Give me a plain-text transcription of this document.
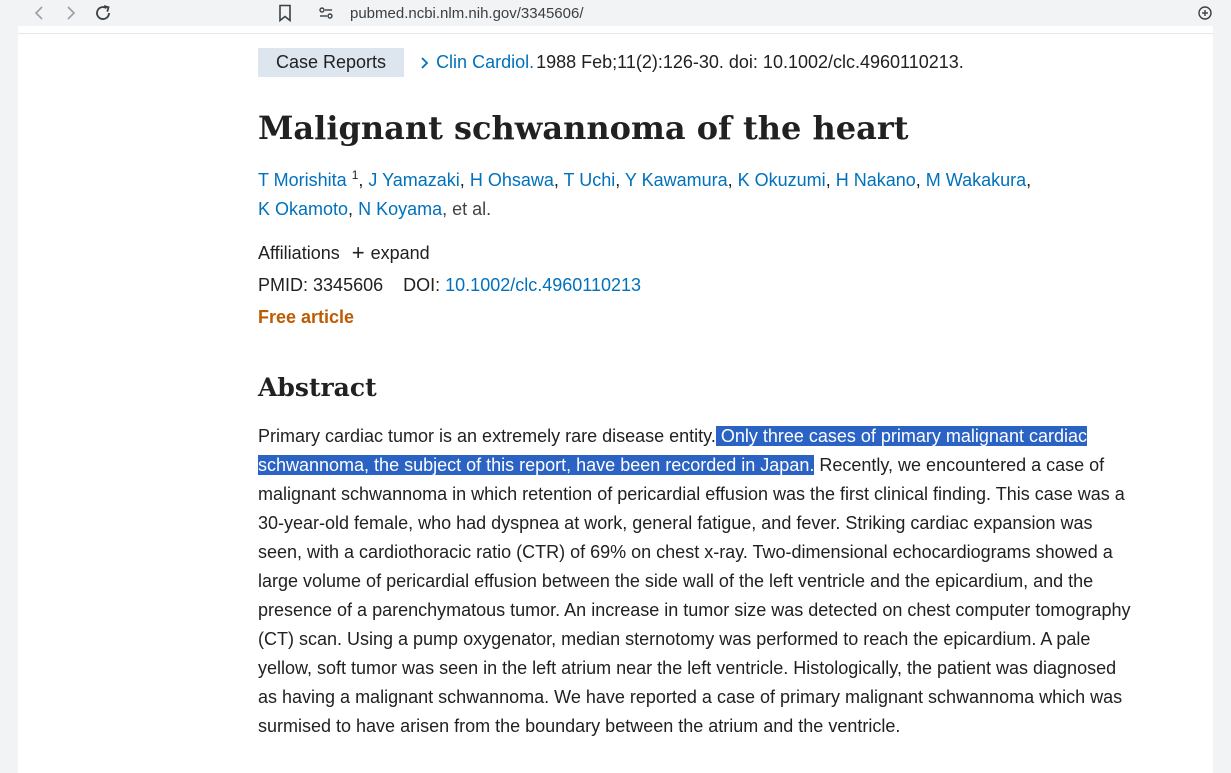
pubmed.ncbi.nlm.nih.gov/3345606/
Case Reports	Clin Cardiol. 1988 Feb;11(2):126-30. doi: 10.1002/clc.4960110213.
Malignant schwannoma of the heart
T Morishita $^1$, J Yamazaki, H Ohsawa, T Uchi, Y Kawamura, K Okuzumi, H Nakano, M Wakakura,
K Okamoto, N Koyama, et al.
Affiliations + expand
PMID: 3345606 DOI: 10.1002/clc.4960110213
Free article
Abstract

Primary cardiac tumor is an extremely rare disease entity. Only three cases of primary malignant cardiac schwannoma, the subject of this report, have been recorded in Japan. Recently, we encountered a case of malignant schwannoma in which retention of pericardial effusion was the first clinical finding. This case was a 30-year-old female, who had dyspnea at work, general fatigue, and fever. Striking cardiac expansion was seen, with a cardiothoracic ratio (CTR) of 69% on chest x-ray. Two-dimensional echocardiograms showed a large volume of pericardial effusion between the side wall of the left ventricle and the epicardium, and the presence of a parenchymatous tumor. An increase in tumor size was detected on chest computer tomography (CT) scan. Using a pump oxygenator, median sternotomy was performed to reach the epicardium. A pale yellow, soft tumor was seen in the left atrium near the left ventricle. Histologically, the patient was diagnosed as having a malignant schwannoma. We have reported a case of primary malignant schwannoma which was surmised to have arisen from the boundary between the atrium and the ventricle.
